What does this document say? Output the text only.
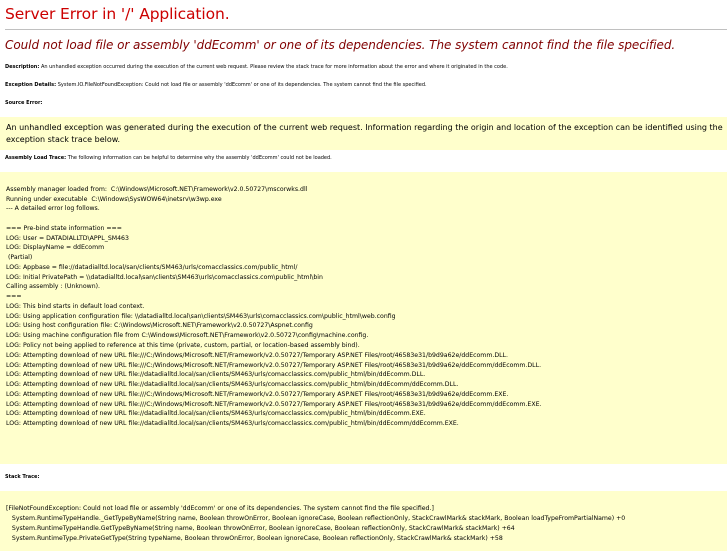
Server Error in '/' Application.
Could not load file or assembly 'ddEcomm' or one of its dependencies. The system cannot find the file specified.
Description: An unhandled exception occurred during the execution of the current web request. Please review the stack trace for more information about the error and where it originated in the code.
Exception Details: System.IO.FileNotFoundException: Could not load file or assembly 'ddEcomm' or one of its dependencies. The system cannot find the file specified.
Source Error:
An unhandled exception was generated during the execution of the current web request. Information regarding the origin and location of the exception can be identified using the
exception stack trace below.
Assembly Load Trace: The following information can be helpful to determine why the assembly 'ddEcomm' could not be loaded.
Assembly manager loaded from:  C:\Windows\Microsoft.NET\Framework\v2.0.50727\mscorwks.dll
Running under executable  C:\Windows\SysWOW64\inetsrv\w3wp.exe
--- A detailed error log follows.
=== Pre-bind state information ===
LOG: User = DATADIALLTD\APPL_SM463
LOG: DisplayName = ddEcomm
(Partial)
LOG: Appbase = file://datadialltd.local/san/clients/SM463/urls/comacclassics.com/public_html/
LOG: Initial PrivatePath = \\datadialltd.local\san\clients\SM463\urls\comacclassics.com\public_html\bin
Calling assembly : (Unknown).
===
LOG: This bind starts in default load context.
LOG: Using application configuration file: \\datadialltd.local\san\clients\SM463\urls\comacclassics.com\public_html\web.config
LOG: Using host configuration file: C:\Windows\Microsoft.NET\Framework\v2.0.50727\Aspnet.config
LOG: Using machine configuration file from C:\Windows\Microsoft.NET\Framework\v2.0.50727\config\machine.config.
LOG: Policy not being applied to reference at this time (private, custom, partial, or location-based assembly bind).
LOG: Attempting download of new URL file:///C:/Windows/Microsoft.NET/Framework/v2.0.50727/Temporary ASP.NET Files/root/46583e31/b9d9a62e/ddEcomm.DLL.
LOG: Attempting download of new URL file:///C:/Windows/Microsoft.NET/Framework/v2.0.50727/Temporary ASP.NET Files/root/46583e31/b9d9a62e/ddEcomm/ddEcomm.DLL.
LOG: Attempting download of new URL file://datadialltd.local/san/clients/SM463/urls/comacclassics.com/public_html/bin/ddEcomm.DLL.
LOG: Attempting download of new URL file://datadialltd.local/san/clients/SM463/urls/comacclassics.com/public_html/bin/ddEcomm/ddEcomm.DLL.
LOG: Attempting download of new URL file:///C:/Windows/Microsoft.NET/Framework/v2.0.50727/Temporary ASP.NET Files/root/46583e31/b9d9a62e/ddEcomm.EXE.
LOG: Attempting download of new URL file:///C:/Windows/Microsoft.NET/Framework/v2.0.50727/Temporary ASP.NET Files/root/46583e31/b9d9a62e/ddEcomm/ddEcomm.EXE.
LOG: Attempting download of new URL file://datadialltd.local/san/clients/SM463/urls/comacclassics.com/public_html/bin/ddEcomm.EXE.
LOG: Attempting download of new URL file://datadialltd.local/san/clients/SM463/urls/comacclassics.com/public_html/bin/ddEcomm/ddEcomm.EXE.
Stack Trace:
[FileNotFoundException: Could not load file or assembly 'ddEcomm' or one of its dependencies. The system cannot find the file specified.]
System.RuntimeTypeHandle._GetTypeByName(String name, Boolean throwOnError, Boolean ignoreCase, Boolean reflectionOnly, StackCrawlMark& stackMark, Boolean loadTypeFromPartialName) +0
System.RuntimeTypeHandle.GetTypeByName(String name, Boolean throwOnError, Boolean ignoreCase, Boolean reflectionOnly, StackCrawlMark& stackMark) +64
System.RuntimeType.PrivateGetType(String typeName, Boolean throwOnError, Boolean ignoreCase, Boolean reflectionOnly, StackCrawlMark& stackMark) +58
